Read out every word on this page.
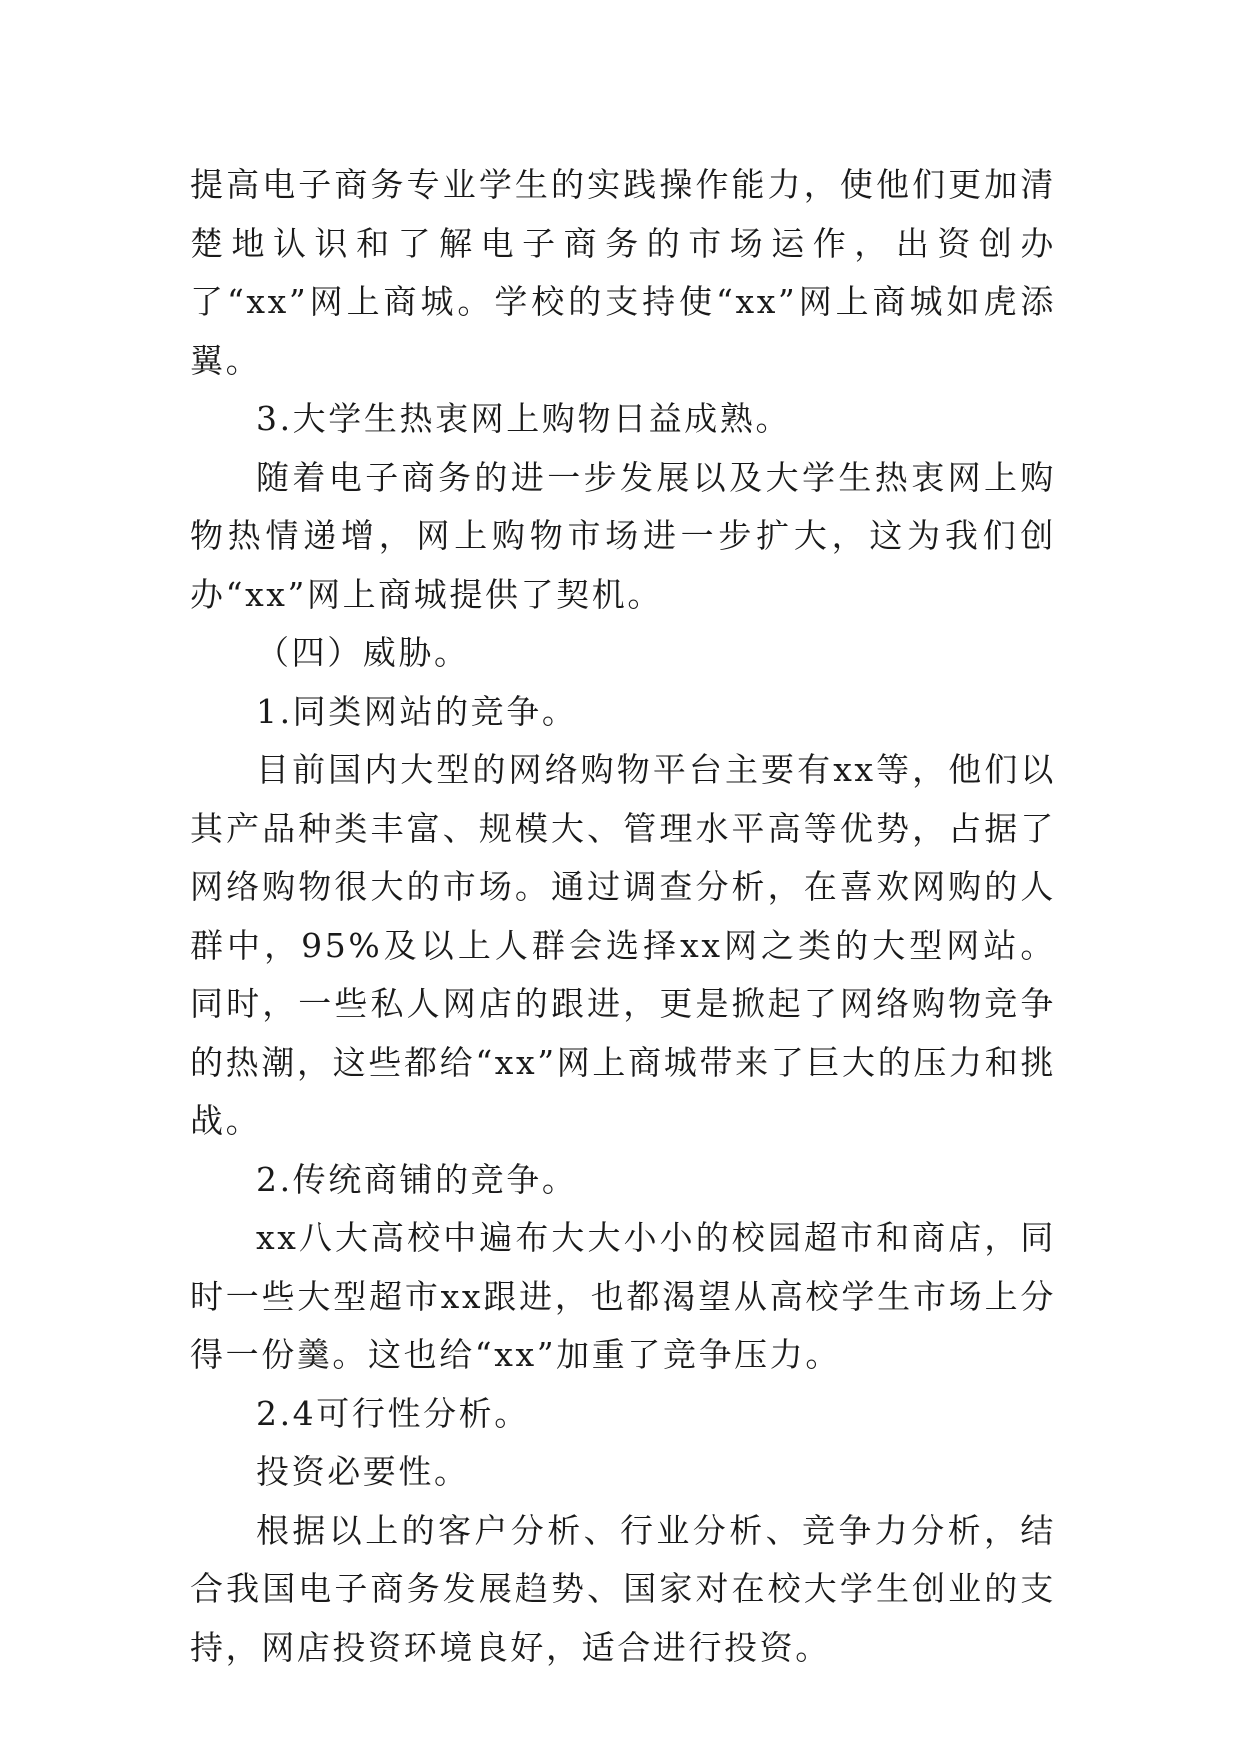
提高电子商务专业学生的实践操作能力，使他们更加清楚地认识和了解电子商务的市场运作，出资创办了“xx”网上商城。学校的支持使“xx”网上商城如虎添翼。

3.大学生热衷网上购物日益成熟。

随着电子商务的进一步发展以及大学生热衷网上购物热情递增，网上购物市场进一步扩大，这为我们创办“xx”网上商城提供了契机。

（四）威胁。

1.同类网站的竞争。

目前国内大型的网络购物平台主要有xx等，他们以其产品种类丰富、规模大、管理水平高等优势，占据了网络购物很大的市场。通过调查分析，在喜欢网购的人群中，95%及以上人群会选择xx网之类的大型网站。同时，一些私人网店的跟进，更是掀起了网络购物竞争的热潮，这些都给“xx”网上商城带来了巨大的压力和挑战。

2.传统商铺的竞争。

xx八大高校中遍布大大小小的校园超市和商店，同时一些大型超市xx跟进，也都渴望从高校学生市场上分得一份羹。这也给“xx”加重了竞争压力。

2.4可行性分析。

投资必要性。

根据以上的客户分析、行业分析、竞争力分析，结合我国电子商务发展趋势、国家对在校大学生创业的支持，网店投资环境良好，适合进行投资。
